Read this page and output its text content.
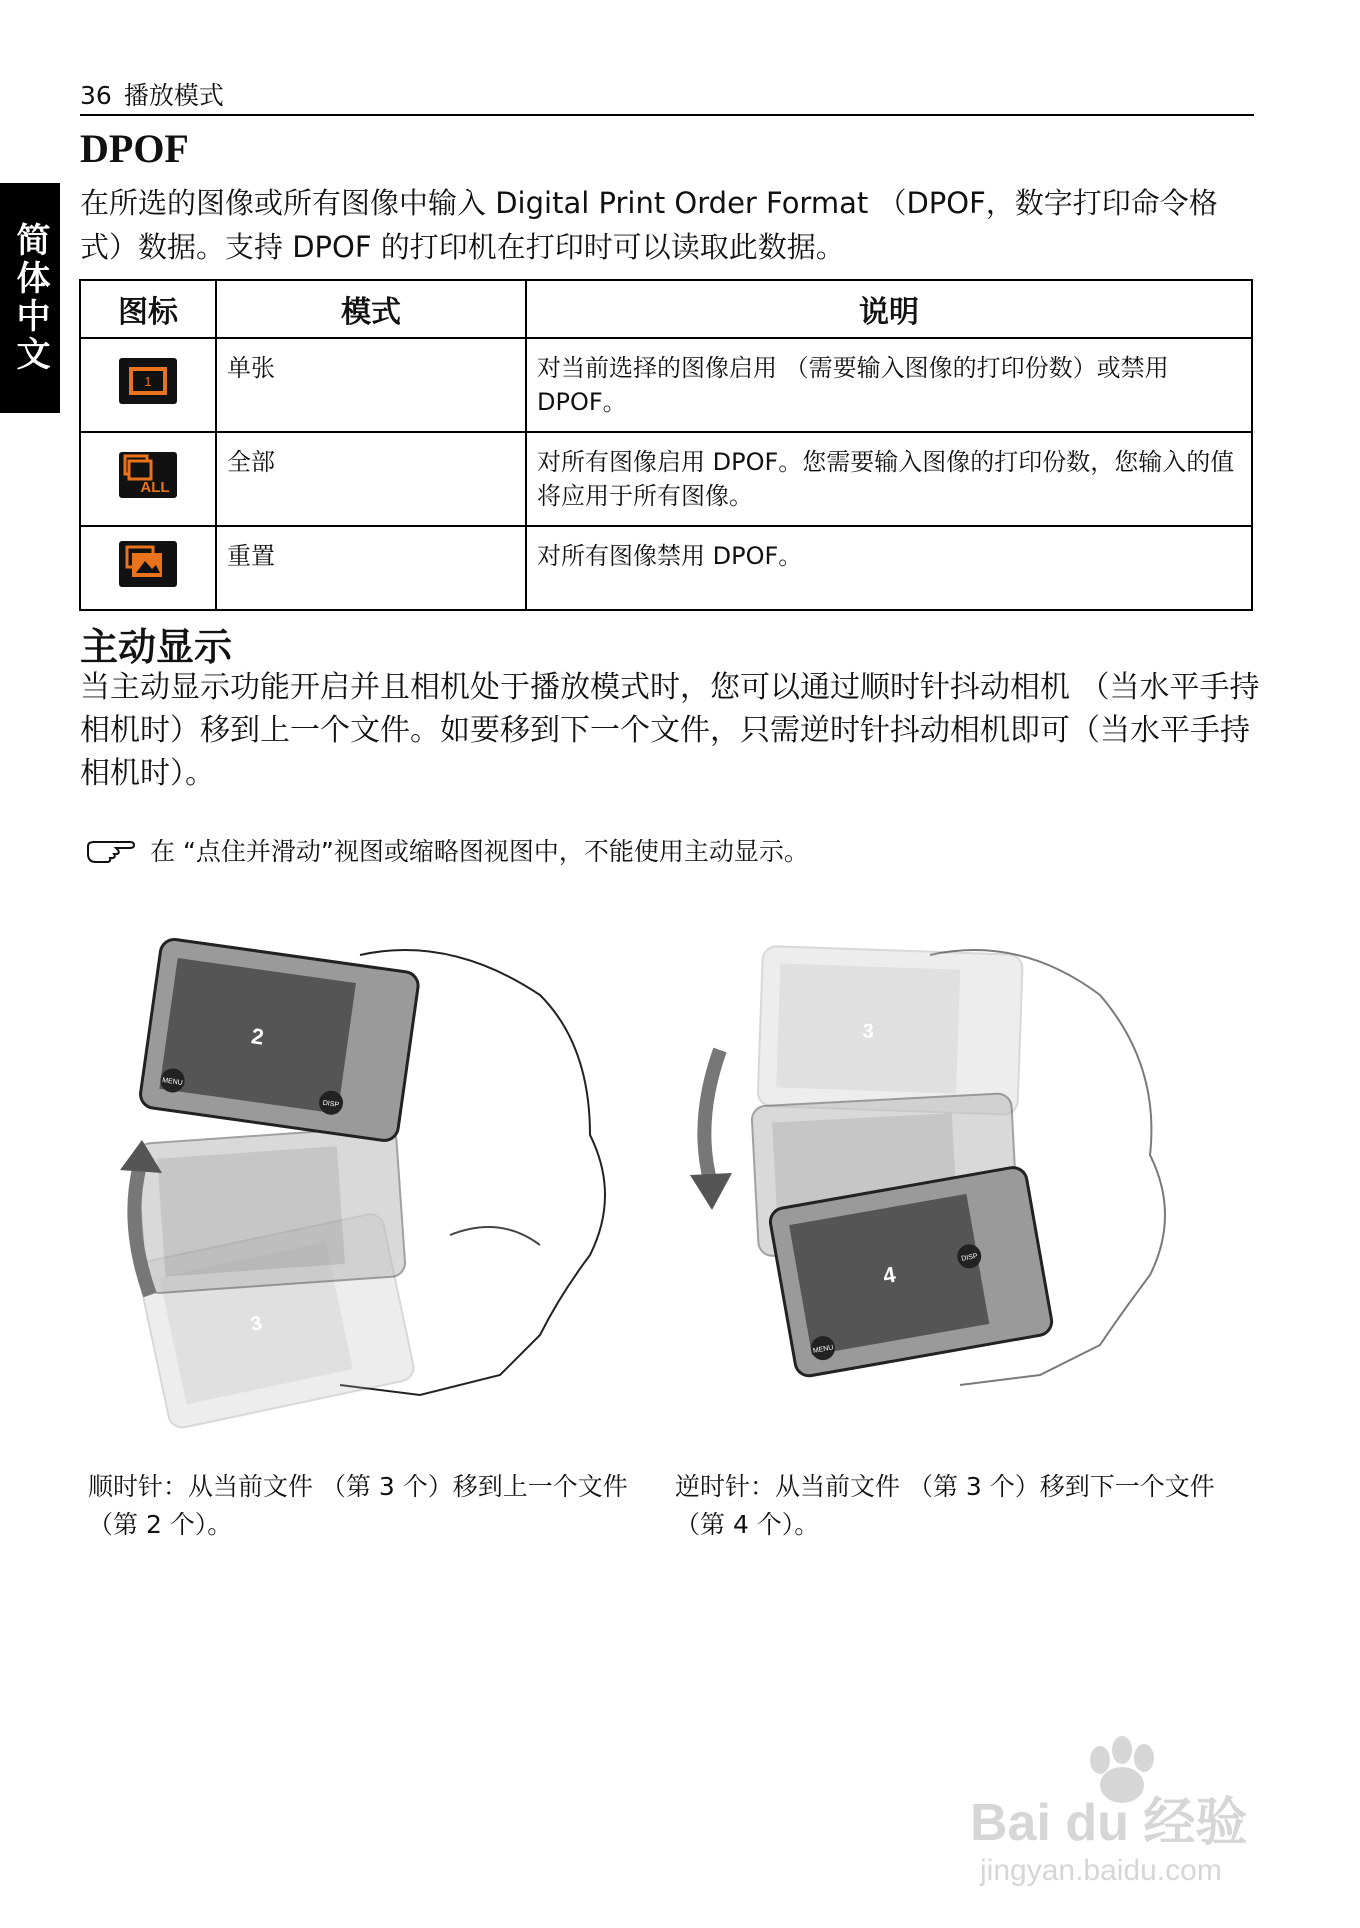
36 播放模式
简体中文
DPOF

在所选的图像或所有图像中输入 Digital Print Order Format （DPOF，数字打印命令格式）数据。支持 DPOF 的打印机在打印时可以读取此数据。

图标	模式	说明

1	单张	对当前选择的图像启用 （需要输入图像的打印份数）或禁用 DPOF。

ALL	全部	对所有图像启用 DPOF。您需要输入图像的打印份数，您输入的值将应用于所有图像。
	重置	对所有图像禁用 DPOF。
主动显示

当主动显示功能开启并且相机处于播放模式时，您可以通过顺时针抖动相机 （当水平手持相机时）移到上一个文件。如要移到下一个文件，只需逆时针抖动相机即可（当水平手持相机时）。

在 “点住并滑动”视图或缩略图视图中，不能使用主动显示。
3
2
MENU
DISP
3
4
MENU
DISP

顺时针：从当前文件 （第 3 个）移到上一个文件 （第 2 个）。

逆时针：从当前文件 （第 3 个）移到下一个文件 （第 4 个）。

Bai du 经验
jingyan.baidu.com
